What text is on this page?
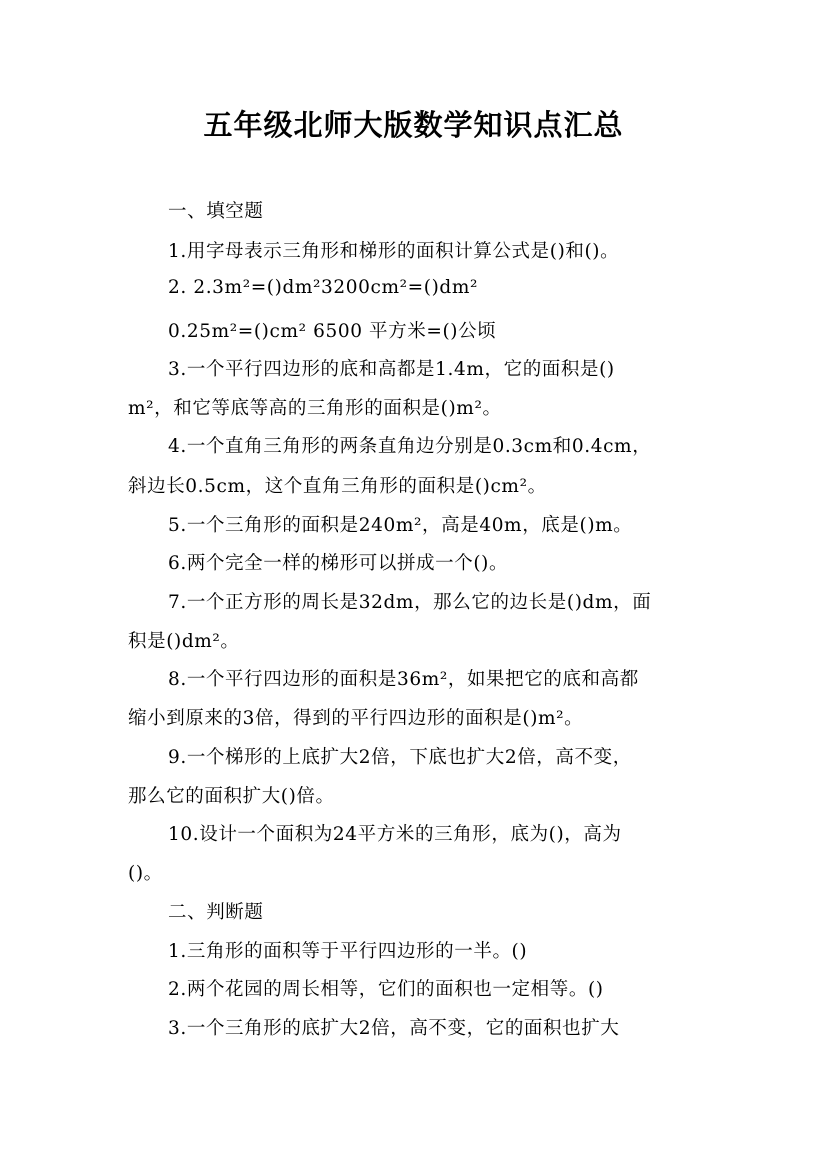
五年级北师大版数学知识点汇总
一、填空题
1.用字母表示三角形和梯形的面积计算公式是()和()。
2. 2.3m²=()dm²3200cm²=()dm²
0.25m²=()cm² 6500 平方米=()公顷
3.一个平行四边形的底和高都是1.4m，它的面积是()
m²，和它等底等高的三角形的面积是()m²。
4.一个直角三角形的两条直角边分别是0.3cm和0.4cm，
斜边长0.5cm，这个直角三角形的面积是()cm²。
5.一个三角形的面积是240m²，高是40m，底是()m。
6.两个完全一样的梯形可以拼成一个()。
7.一个正方形的周长是32dm，那么它的边长是()dm，面
积是()dm²。
8.一个平行四边形的面积是36m²，如果把它的底和高都
缩小到原来的3倍，得到的平行四边形的面积是()m²。
9.一个梯形的上底扩大2倍，下底也扩大2倍，高不变，
那么它的面积扩大()倍。
10.设计一个面积为24平方米的三角形，底为()，高为
()。
二、判断题
1.三角形的面积等于平行四边形的一半。()
2.两个花园的周长相等，它们的面积也一定相等。()
3.一个三角形的底扩大2倍，高不变，它的面积也扩大
